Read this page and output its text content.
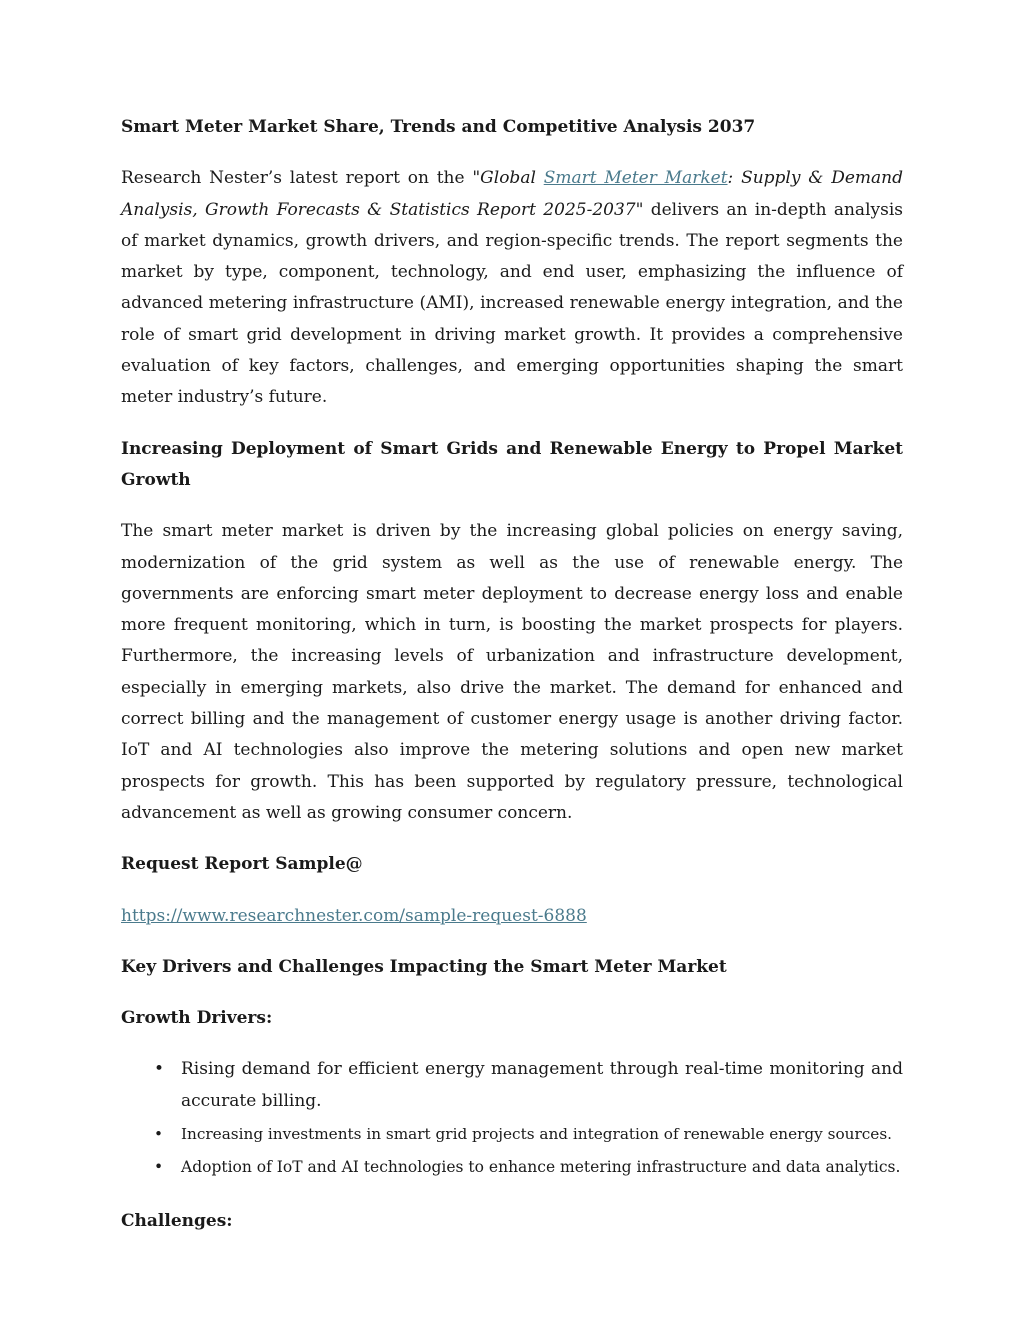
Smart Meter Market Share, Trends and Competitive Analysis 2037

Research Nester’s latest report on the "Global Smart Meter Market: Supply & Demand Analysis, Growth Forecasts & Statistics Report 2025-2037" delivers an in-depth analysis of market dynamics, growth drivers, and region-specific trends. The report segments the market by type, component, technology, and end user, emphasizing the influence of advanced metering infrastructure (AMI), increased renewable energy integration, and the role of smart grid development in driving market growth. It provides a comprehensive evaluation of key factors, challenges, and emerging opportunities shaping the smart meter industry’s future.

Increasing Deployment of Smart Grids and Renewable Energy to Propel Market Growth

The smart meter market is driven by the increasing global policies on energy saving, modernization of the grid system as well as the use of renewable energy. The governments are enforcing smart meter deployment to decrease energy loss and enable more frequent monitoring, which in turn, is boosting the market prospects for players. Furthermore, the increasing levels of urbanization and infrastructure development, especially in emerging markets, also drive the market. The demand for enhanced and correct billing and the management of customer energy usage is another driving factor. IoT and AI technologies also improve the metering solutions and open new market prospects for growth. This has been supported by regulatory pressure, technological advancement as well as growing consumer concern.

Request Report Sample@

https://www.researchnester.com/sample-request-6888

Key Drivers and Challenges Impacting the Smart Meter Market

Growth Drivers:

• Rising demand for efficient energy management through real-time monitoring and accurate billing.
• Increasing investments in smart grid projects and integration of renewable energy sources.
• Adoption of IoT and AI technologies to enhance metering infrastructure and data analytics.

Challenges:
